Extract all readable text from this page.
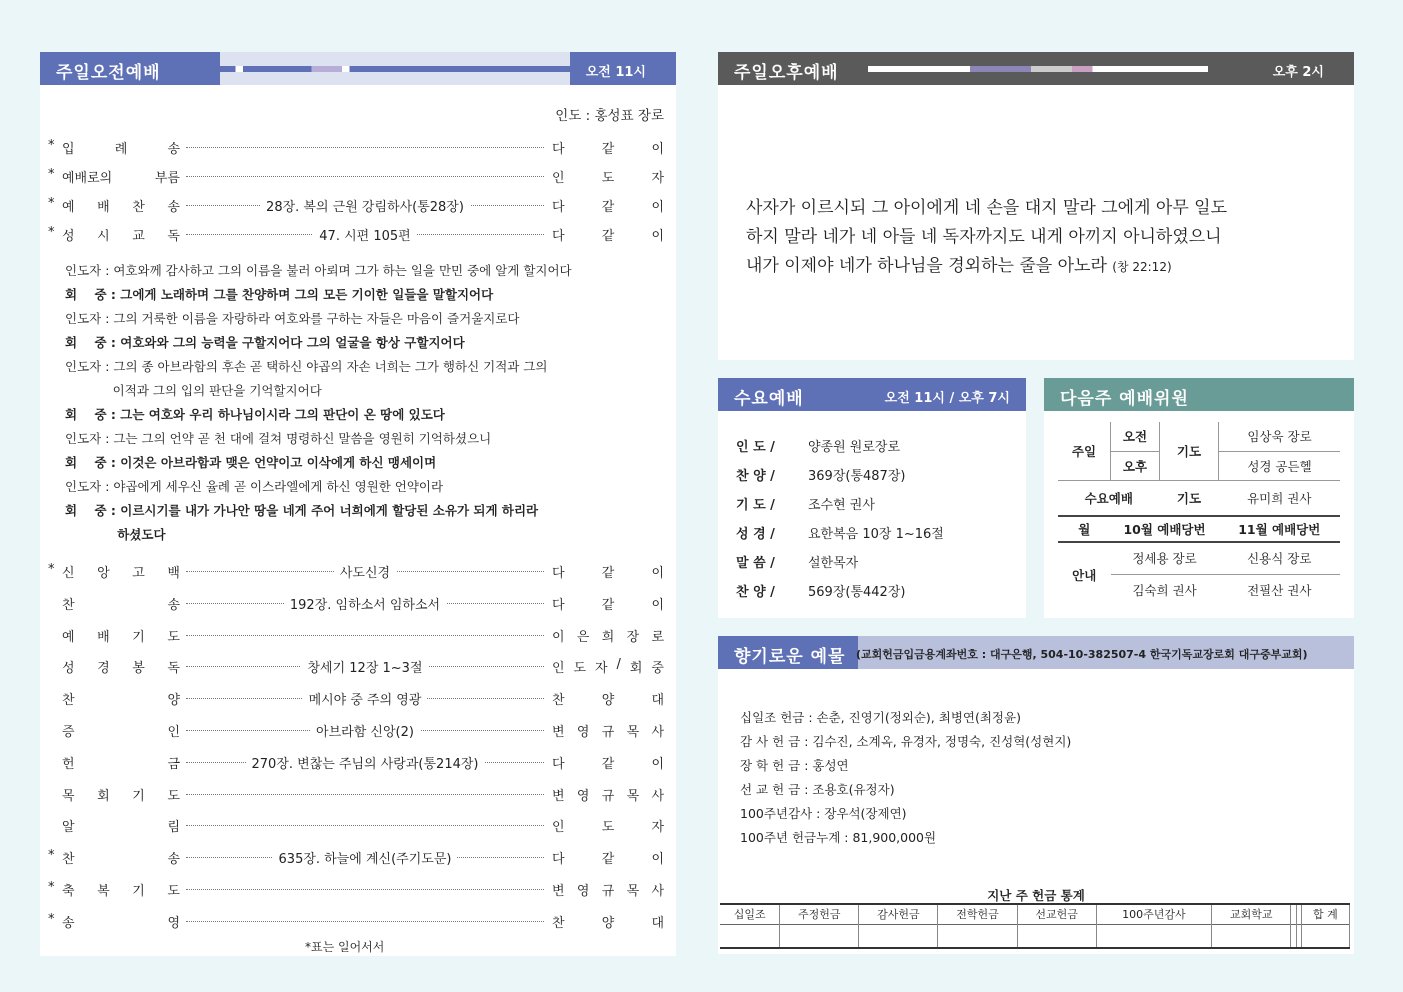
주일오전예배	오전 11시
인도 : 홍성표 장로
* 입	례	송	다	같	이
* 예배로의	부름	인	도	자
* 예 배 찬 송	28장. 복의 근원 강림하사(통28장)	다	같	이
* 성 시 교 독	47. 시편 105편	다	같	이
인도자 : 여호와께 감사하고 그의 이름을 불러 아뢰며 그가 하는 일을 만민 중에 알게 할지어다
회    중 : 그에게 노래하며 그를 찬양하며 그의 모든 기이한 일들을 말할지어다
인도자 : 그의 거룩한 이름을 자랑하라 여호와를 구하는 자들은 마음이 즐거울지로다
회    중 : 여호와와 그의 능력을 구할지어다 그의 얼굴을 항상 구할지어다
인도자 : 그의 종 아브라함의 후손 곧 택하신 야곱의 자손 너희는 그가 행하신 기적과 그의
이적과 그의 입의 판단을 기억할지어다
회    중 : 그는 여호와 우리 하나님이시라 그의 판단이 온 땅에 있도다
인도자 : 그는 그의 언약 곧 천 대에 걸쳐 명령하신 말씀을 영원히 기억하셨으니
회    중 : 이것은 아브라함과 맺은 언약이고 이삭에게 하신 맹세이며
인도자 : 야곱에게 세우신 율례 곧 이스라엘에게 하신 영원한 언약이라
회    중 : 이르시기를 내가 가나안 땅을 네게 주어 너희에게 할당된 소유가 되게 하리라
하셨도다
* 신 앙 고 백	사도신경	다	같	이
찬	송	192장. 임하소서 임하소서	다	같	이
예 배 기 도	이 은 희 장 로
성 경 봉 독	창세기 12장 1~3절	인 도 자 / 회 중
찬	양	메시야 중 주의 영광	찬	양	대
증	인	아브라함 신앙(2)	변 영 규 목 사
헌	금	270장. 변찮는 주님의 사랑과(통214장)	다	같	이
목 회 기 도	변 영 규 목 사
알	림	인	도	자
* 찬	송	635장. 하늘에 계신(주기도문)	다	같	이
* 축 복 기 도	변 영 규 목 사
* 송	영	찬	양	대
*표는 일어서서
주일오후예배	오후 2시
사자가 이르시되 그 아이에게 네 손을 대지 말라 그에게 아무 일도
하지 말라 네가 네 아들 네 독자까지도 내게 아끼지 아니하였으니
내가 이제야 네가 하나님을 경외하는 줄을 아노라 (창 22:12)
수요예배	오전 11시 / 오후 7시
인 도 /	양종원 원로장로
찬 양 /	369장(통487장)
기 도 /	조수현 권사
성 경 /	요한복음 10장 1~16절
말 씀 /	설한목자
찬 양 /	569장(통442장)
다음주 예배위원
주일	오전	기도	임상욱 장로
	오후		성경 공든헬
수요예배		기도	유미희 권사
월	10월 예배당번		11월 예배당번
안내	정세용 장로		신용식 장로
	김숙희 권사		전필산 권사
향기로운 예물 (교회헌금입금용계좌번호 : 대구은행, 504-10-382507-4 한국기독교장로회 대구중부교회)
십일조 헌금 : 손춘, 진영기(정외순), 최병연(최정윤)
감 사 헌 금 : 김수진, 소계옥, 유경자, 정명숙, 진성혁(성현지)
장 학 헌 금 : 홍성연
선 교 헌 금 : 조용호(유정자)
100주년감사 : 장우석(장제연)
100주년 헌금누계 : 81,900,000원
지난 주 헌금 통계
십일조	주정헌금	감사헌금	전학헌금	선교헌금	100주년감사	교회학교			합 계
